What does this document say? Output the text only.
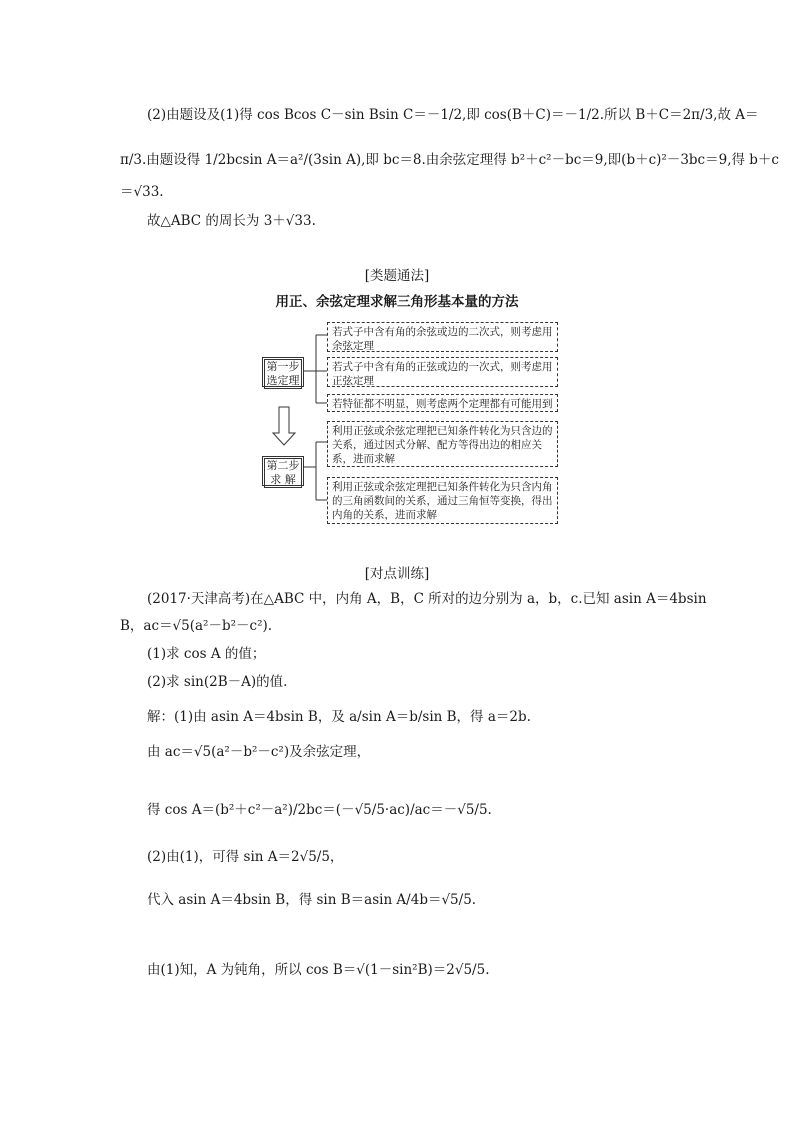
(2)由题设及(1)得 cos Bcos C－sin Bsin C＝－1/2,即 cos(B＋C)＝－1/2.所以 B＋C＝2π/3,故 A＝
π/3.由题设得 1/2bcsin A＝a²/(3sin A),即 bc＝8.由余弦定理得 b²＋c²－bc＝9,即(b＋c)²－3bc＝9,得 b＋c
＝√33.
故△ABC 的周长为 3＋√33.
[类题通法]
用正、余弦定理求解三角形基本量的方法
第一步
选定理
第二步
求 解
若式子中含有角的余弦或边的二次式，则考虑用余弦定理
若式子中含有角的正弦或边的一次式，则考虑用正弦定理
若特征都不明显，则考虑两个定理都有可能用到
利用正弦或余弦定理把已知条件转化为只含边的关系，通过因式分解、配方等得出边的相应关系，进而求解
利用正弦或余弦定理把已知条件转化为只含内角的三角函数间的关系，通过三角恒等变换，得出内角的关系，进而求解
[对点训练]
(2017·天津高考)在△ABC 中，内角 A，B，C 所对的边分别为 a，b，c.已知 asin A＝4bsin
B，ac＝√5(a²－b²－c²).
(1)求 cos A 的值；
(2)求 sin(2B－A)的值.
解：(1)由 asin A＝4bsin B，及 a/sin A＝b/sin B，得 a＝2b.
由 ac＝√5(a²－b²－c²)及余弦定理，
得 cos A＝(b²＋c²－a²)/2bc＝(－√5/5·ac)/ac＝－√5/5.
(2)由(1)，可得 sin A＝2√5/5，
代入 asin A＝4bsin B，得 sin B＝asin A/4b＝√5/5.
由(1)知，A 为钝角，所以 cos B＝√(1－sin²B)＝2√5/5.
